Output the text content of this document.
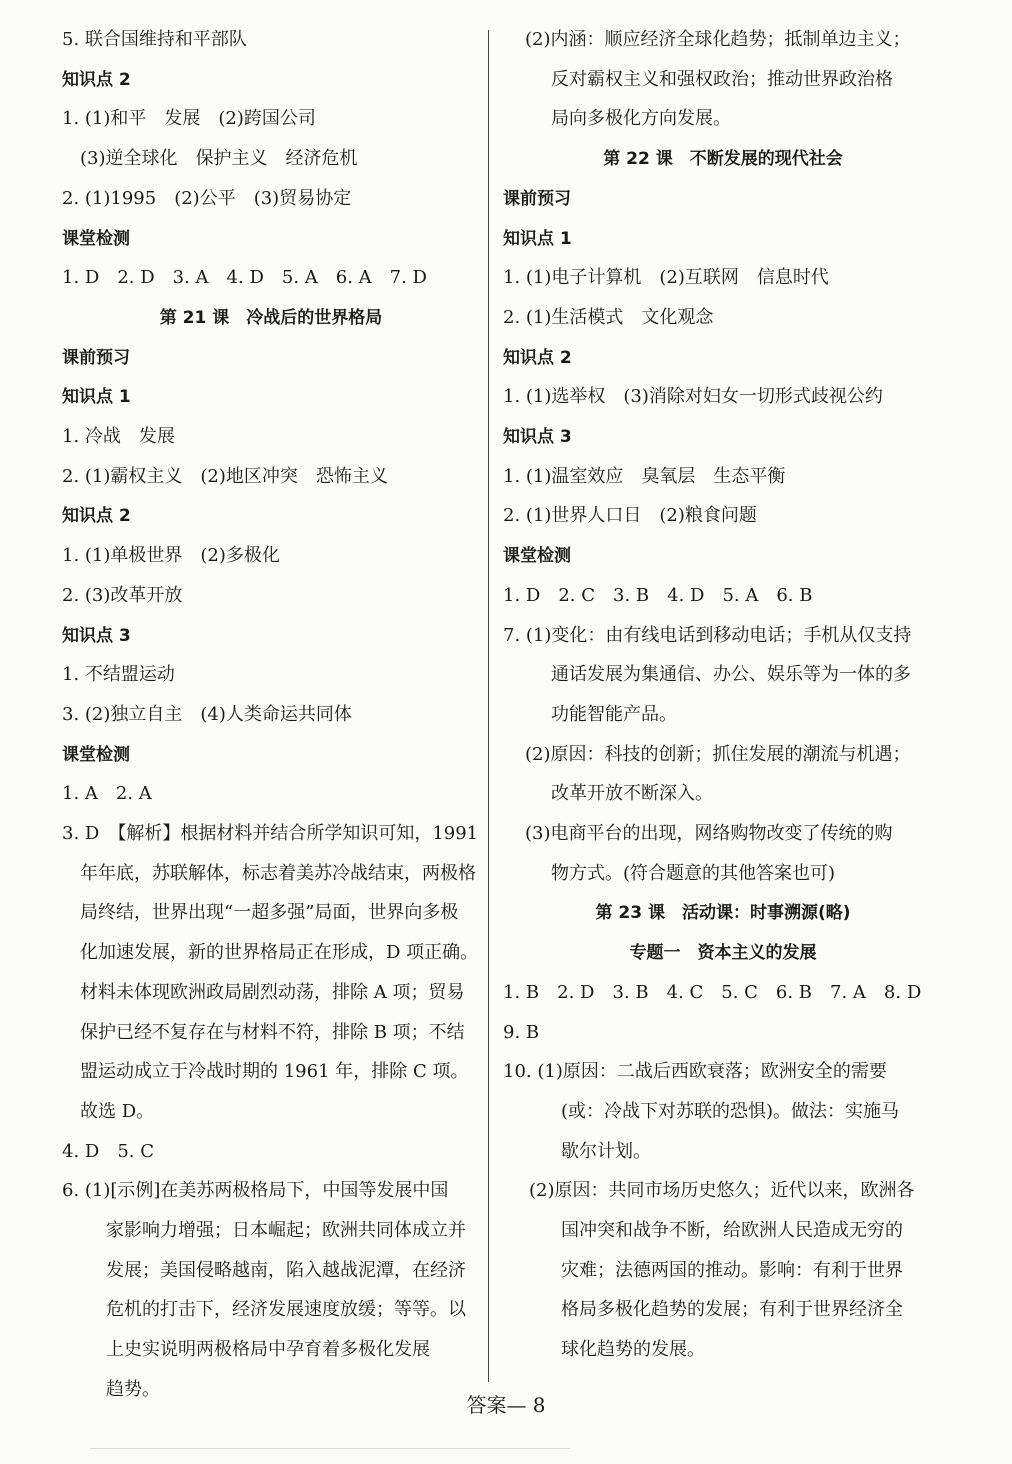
5. 联合国维持和平部队
知识点 2
1. (1)和平　发展　(2)跨国公司
(3)逆全球化　保护主义　经济危机
2. (1)1995　(2)公平　(3)贸易协定
课堂检测
1. D　2. D　3. A　4. D　5. A　6. A　7. D
第 21 课　冷战后的世界格局
课前预习
知识点 1
1. 冷战　发展
2. (1)霸权主义　(2)地区冲突　恐怖主义
知识点 2
1. (1)单极世界　(2)多极化
2. (3)改革开放
知识点 3
1. 不结盟运动
3. (2)独立自主　(4)人类命运共同体
课堂检测
1. A　2. A
3. D　【解析】根据材料并结合所学知识可知，1991
年年底，苏联解体，标志着美苏冷战结束，两极格
局终结，世界出现“一超多强”局面，世界向多极
化加速发展，新的世界格局正在形成，D 项正确。
材料未体现欧洲政局剧烈动荡，排除 A 项；贸易
保护已经不复存在与材料不符，排除 B 项；不结
盟运动成立于冷战时期的 1961 年，排除 C 项。
故选 D。
4. D　5. C
6. (1)[示例]在美苏两极格局下，中国等发展中国
家影响力增强；日本崛起；欧洲共同体成立并
发展；美国侵略越南，陷入越战泥潭，在经济
危机的打击下，经济发展速度放缓；等等。以
上史实说明两极格局中孕育着多极化发展
趋势。
(2)内涵：顺应经济全球化趋势；抵制单边主义；
反对霸权主义和强权政治；推动世界政治格
局向多极化方向发展。
第 22 课　不断发展的现代社会
课前预习
知识点 1
1. (1)电子计算机　(2)互联网　信息时代
2. (1)生活模式　文化观念
知识点 2
1. (1)选举权　(3)消除对妇女一切形式歧视公约
知识点 3
1. (1)温室效应　臭氧层　生态平衡
2. (1)世界人口日　(2)粮食问题
课堂检测
1. D　2. C　3. B　4. D　5. A　6. B
7. (1)变化：由有线电话到移动电话；手机从仅支持
通话发展为集通信、办公、娱乐等为一体的多
功能智能产品。
(2)原因：科技的创新；抓住发展的潮流与机遇；
改革开放不断深入。
(3)电商平台的出现，网络购物改变了传统的购
物方式。(符合题意的其他答案也可)
第 23 课　活动课：时事溯源(略)
专题一　资本主义的发展
1. B　2. D　3. B　4. C　5. C　6. B　7. A　8. D
9. B
10. (1)原因：二战后西欧衰落；欧洲安全的需要
(或：冷战下对苏联的恐惧)。做法：实施马
歇尔计划。
(2)原因：共同市场历史悠久；近代以来，欧洲各
国冲突和战争不断，给欧洲人民造成无穷的
灾难；法德两国的推动。影响：有利于世界
格局多极化趋势的发展；有利于世界经济全
球化趋势的发展。
答案— 8
